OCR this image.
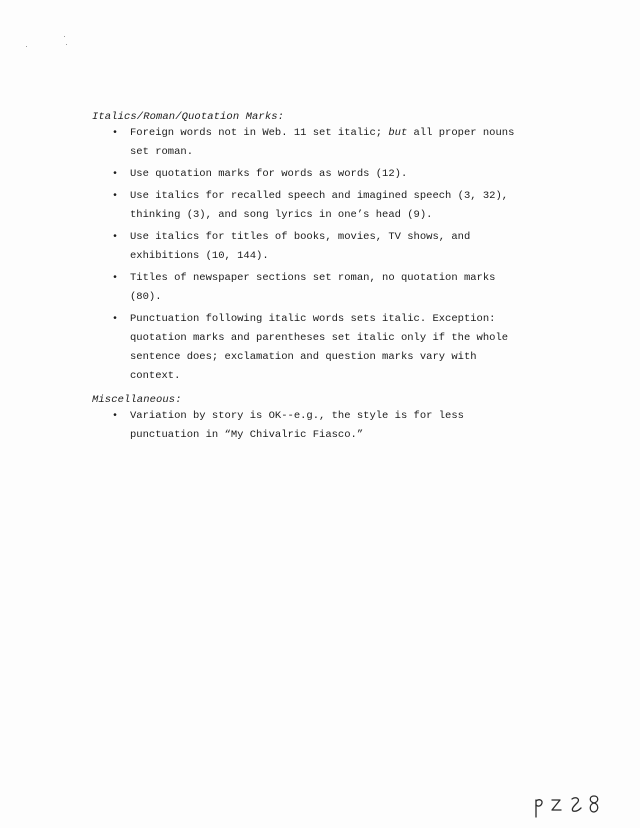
Italics/Roman/Quotation Marks:
• Foreign words not in Web. 11 set italic; but all proper nouns set roman.
• Use quotation marks for words as words (12).
• Use italics for recalled speech and imagined speech (3, 32), thinking (3), and song lyrics in one’s head (9).
• Use italics for titles of books, movies, TV shows, and exhibitions (10, 144).
• Titles of newspaper sections set roman, no quotation marks (80).
• Punctuation following italic words sets italic. Exception: quotation marks and parentheses set italic only if the whole sentence does; exclamation and question marks vary with context.
Miscellaneous:
• Variation by story is OK--e.g., the style is for less punctuation in “My Chivalric Fiasco.”
